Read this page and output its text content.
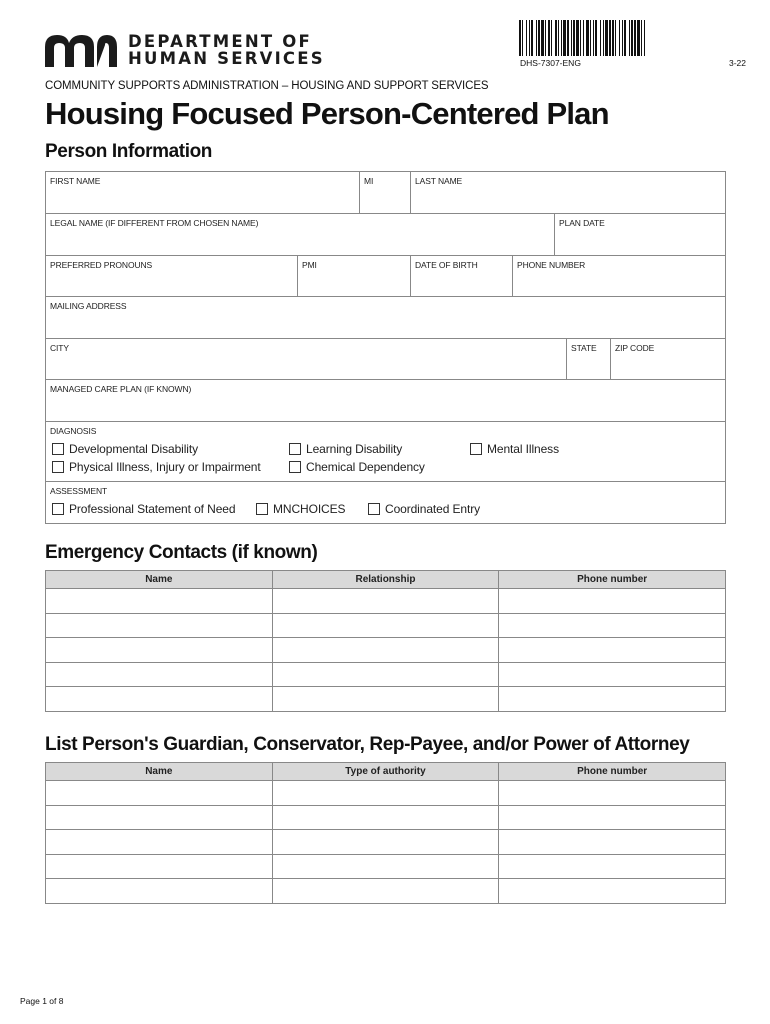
DEPARTMENT OF
HUMAN SERVICES	DHS-7307-ENG	3-22
COMMUNITY SUPPORTS ADMINISTRATION – HOUSING AND SUPPORT SERVICES
Housing Focused Person-Centered Plan
Person Information
FIRST NAME	MI	LAST NAME
LEGAL NAME (IF DIFFERENT FROM CHOSEN NAME)	PLAN DATE
PREFERRED PRONOUNS	PMI	DATE OF BIRTH	PHONE NUMBER
MAILING ADDRESS
CITY	STATE	ZIP CODE
MANAGED CARE PLAN (IF KNOWN)
DIAGNOSIS
Developmental Disability	Learning Disability	Mental Illness
Physical Illness, Injury or Impairment	Chemical Dependency
ASSESSMENT
Professional Statement of Need	MNCHOICES	Coordinated Entry
Emergency Contacts (if known)
Name	Relationship	Phone number

List Person's Guardian, Conservator, Rep-Payee, and/or Power of Attorney
Name	Type of authority	Phone number

Page 1 of 8
